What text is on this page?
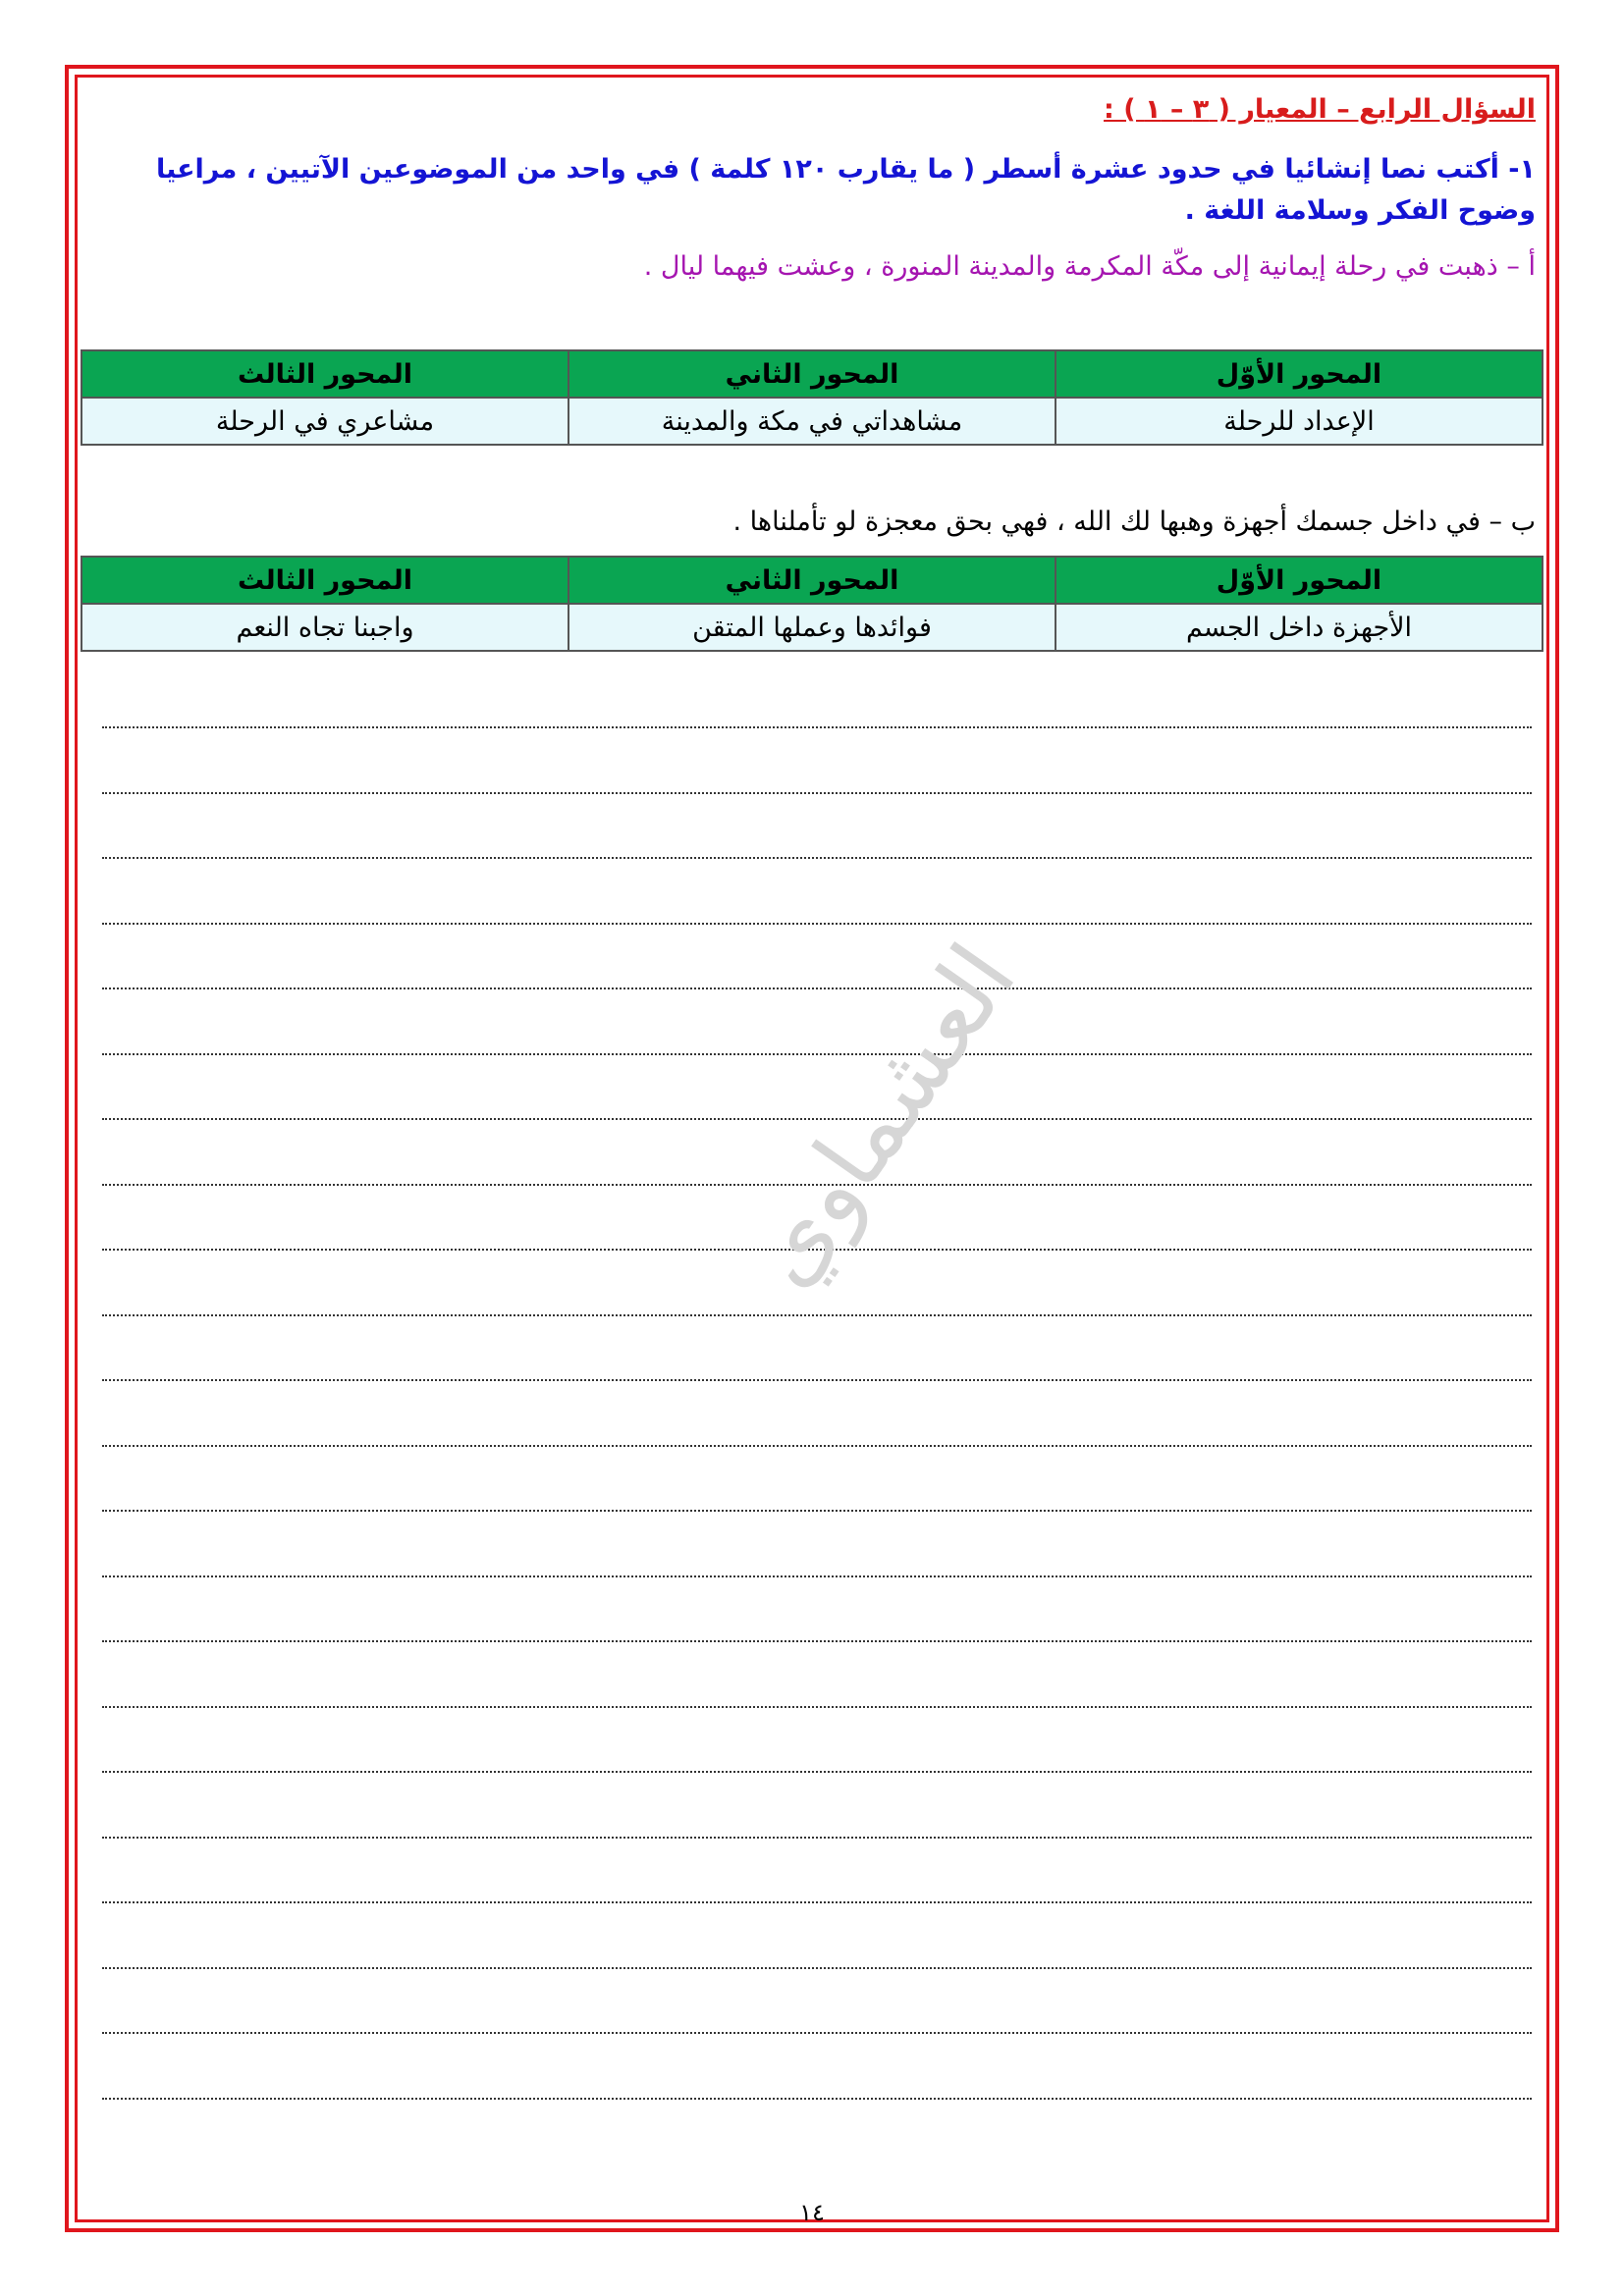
السؤال الرابع – المعيار ( ٣ – ١ ) :
١- أكتب نصا إنشائيا في حدود عشرة أسطر ( ما يقارب ١٢٠ كلمة ) في واحد من الموضوعين الآتيين ، مراعيا وضوح الفكر وسلامة اللغة .
أ – ذهبت في رحلة إيمانية إلى مكّة المكرمة والمدينة المنورة ، وعشت فيهما ليال .
المحور الأوّل	المحور الثاني	المحور الثالث
الإعداد للرحلة	مشاهداتي في مكة والمدينة	مشاعري في الرحلة
ب – في داخل جسمك أجهزة وهبها لك الله ، فهي بحق معجزة لو تأملناها .
المحور الأوّل	المحور الثاني	المحور الثالث
الأجهزة داخل الجسم	فوائدها وعملها المتقن	واجبنا تجاه النعم
العشماوي
١٤
